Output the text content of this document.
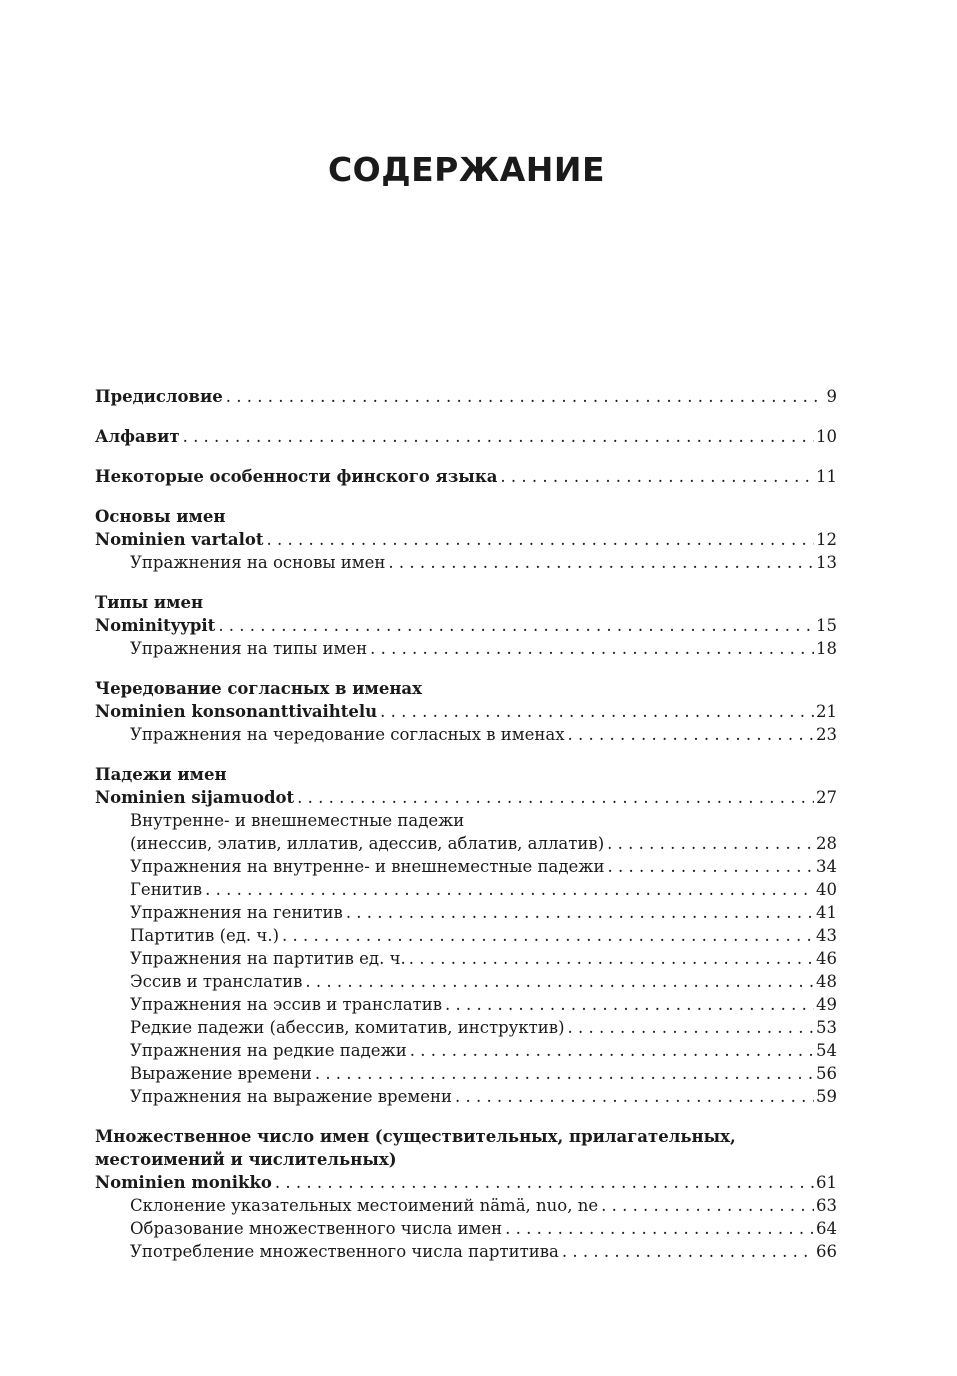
СОДЕРЖАНИЕ
Предисловие . . .	9
Алфавит . . .	10
Некоторые особенности финского языка . . .	11
Основы имен
Nominien vartalot . . .	12
Упражнения на основы имен . . .	13
Типы имен
Nominityypit . . .	15
Упражнения на типы имен . . .	18
Чередование согласных в именах
Nominien konsonanttivaihtelu . . .	21
Упражнения на чередование согласных в именах . . .	23
Падежи имен
Nominien sijamuodot . . .	27
Внутренне- и внешнеместные падежи
(инессив, элатив, иллатив, адессив, аблатив, аллатив) . . .	28
Упражнения на внутренне- и внешнеместные падежи . . .	34
Генитив . . .	40
Упражнения на генитив . . .	41
Партитив (ед. ч.) . . .	43
Упражнения на партитив ед. ч. . . .	46
Эссив и транслатив . . .	48
Упражнения на эссив и транслатив . . .	49
Редкие падежи (абессив, комитатив, инструктив) . . .	53
Упражнения на редкие падежи . . .	54
Выражение времени . . .	56
Упражнения на выражение времени . . .	59
Множественное число имен (существительных, прилагательных,
местоимений и числительных)
Nominien monikko . . .	61
Склонение указательных местоимений nämä, nuo, ne . . .	63
Образование множественного числа имен . . .	64
Употребление множественного числа партитива . . .	66
